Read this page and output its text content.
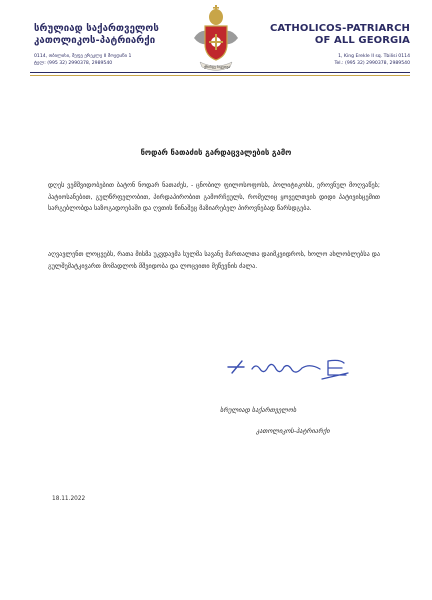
სრულიად საქართველოს
კათოლიკოს-პატრიარქი
0114, თბილისი, მეფე ერეკლე II მოედანი 1
ტელ: (995 32) 2990378, 2989540
ქრისტე სიკეთეა
CATHOLICOS-PATRIARCH
OF ALL GEORGIA
1, King Erekle II sq. Tbilisi 0114
Tel.: (995 32) 2990378, 2989540
ნოდარ ნათაძის გარდაცვალების გამო
დღეს ვემშვიდობებით ბატონ ნოდარ ნათაძეს, - ცნობილ ფილოსოფოსს, პოლიტიკოსს, ეროვნულ მოღვაწეს; პატიოსანებით, გულწრფელობით, პირდაპირობით გამორჩეულს, რომელიც ყოველთვის დიდი პატივისცემით სარგებლობდა საზოგადოებაში და ღვთის წინაშეც მაზიარებელ პიროვნებად წარსდგება.
აღვავლენთ ლოცვებს, რათა მისმა უკვდავმა სულმა სავანე მართალთა დაიმკვიდროს, ხოლო ახლობლებსა და გულშემატკივართ მომადლოს მშვიდობა და ლოცვითი მეწევნის ძალა.
სრულიად საქართველოს
კათოლიკოს-პატრიარქი
18.11.2022
